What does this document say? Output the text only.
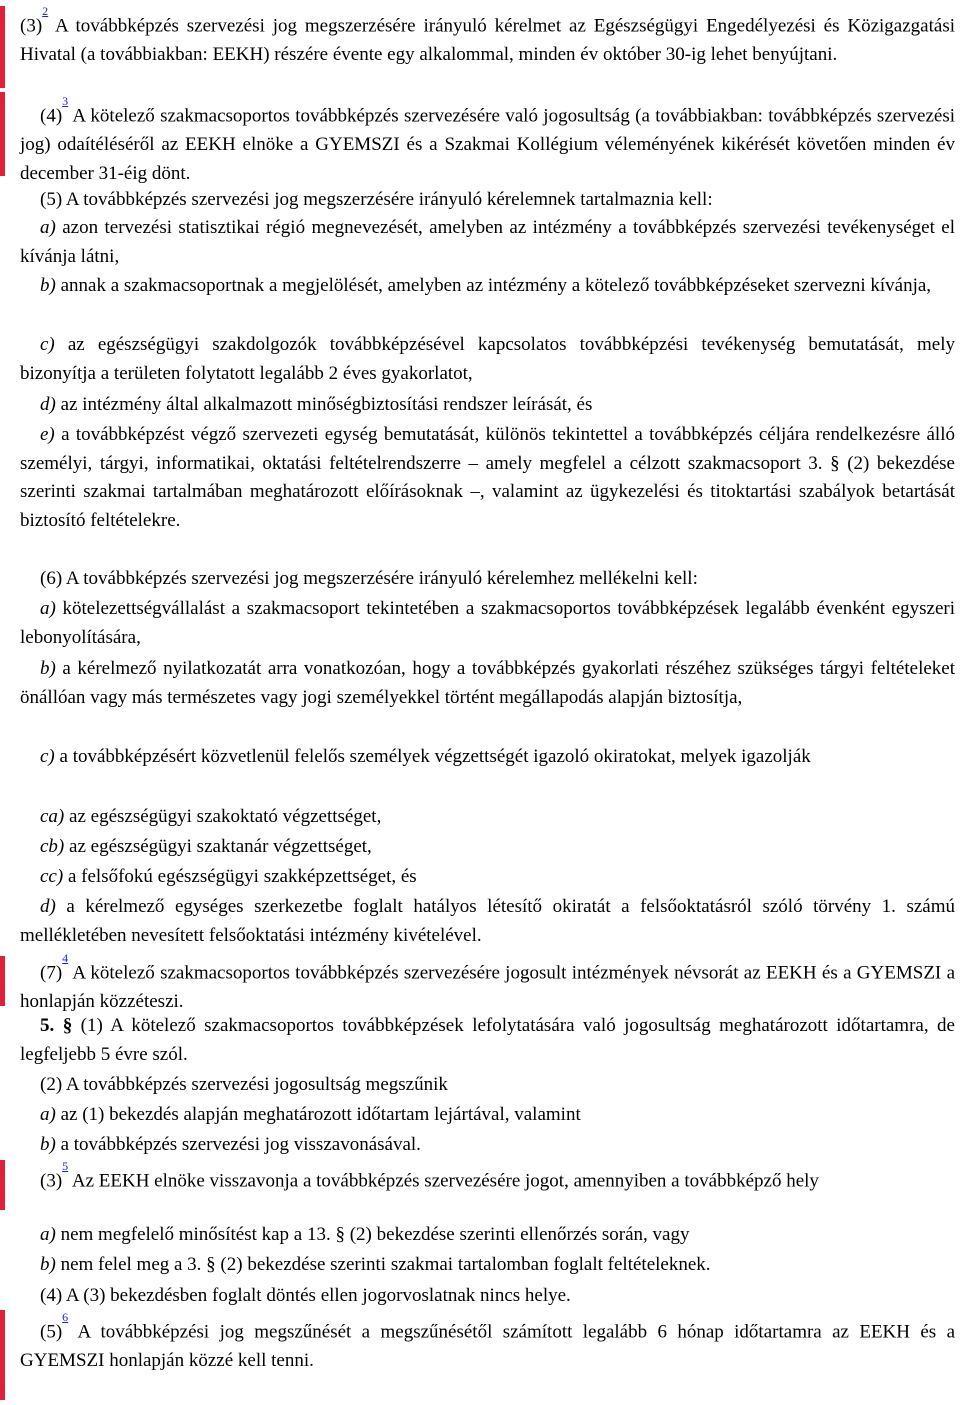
$(3)^{^2}$ A továbbképzés szervezési jog megszerzésére irányuló kérelmet az Egészségügyi Engedélyezési és Közigazgatási Hivatal (a továbbiakban: EEKH) részére évente egy alkalommal, minden év október 30-ig lehet benyújtani.

$(4)^{^3}$ A kötelező szakmacsoportos továbbképzés szervezésére való jogosultság (a továbbiakban: továbbképzés szervezési jog) odaítéléséről az EEKH elnöke a GYEMSZI és a Szakmai Kollégium véleményének kikérését követően minden év december 31-éig dönt.

(5) A továbbképzés szervezési jog megszerzésére irányuló kérelemnek tartalmaznia kell:

a) azon tervezési statisztikai régió megnevezését, amelyben az intézmény a továbbképzés szervezési tevékenységet el kívánja látni,

b) annak a szakmacsoportnak a megjelölését, amelyben az intézmény a kötelező továbbképzéseket szervezni kívánja,

c) az egészségügyi szakdolgozók továbbképzésével kapcsolatos továbbképzési tevékenység bemutatását, mely bizonyítja a területen folytatott legalább 2 éves gyakorlatot,

d) az intézmény által alkalmazott minőségbiztosítási rendszer leírását, és

e) a továbbképzést végző szervezeti egység bemutatását, különös tekintettel a továbbképzés céljára rendelkezésre álló személyi, tárgyi, informatikai, oktatási feltételrendszerre – amely megfelel a célzott szakmacsoport 3. § (2) bekezdése szerinti szakmai tartalmában meghatározott előírásoknak –, valamint az ügykezelési és titoktartási szabályok betartását biztosító feltételekre.

(6) A továbbképzés szervezési jog megszerzésére irányuló kérelemhez mellékelni kell:

a) kötelezettségvállalást a szakmacsoport tekintetében a szakmacsoportos továbbképzések legalább évenként egyszeri lebonyolítására,

b) a kérelmező nyilatkozatát arra vonatkozóan, hogy a továbbképzés gyakorlati részéhez szükséges tárgyi feltételeket önállóan vagy más természetes vagy jogi személyekkel történt megállapodás alapján biztosítja,

c) a továbbképzésért közvetlenül felelős személyek végzettségét igazoló okiratokat, melyek igazolják

ca) az egészségügyi szakoktató végzettséget,

cb) az egészségügyi szaktanár végzettséget,

cc) a felsőfokú egészségügyi szakképzettséget, és

d) a kérelmező egységes szerkezetbe foglalt hatályos létesítő okiratát a felsőoktatásról szóló törvény 1. számú mellékletében nevesített felsőoktatási intézmény kivételével.

$(7)^{^4}$ A kötelező szakmacsoportos továbbképzés szervezésére jogosult intézmények névsorát az EEKH és a GYEMSZI a honlapján közzéteszi.

5. § (1) A kötelező szakmacsoportos továbbképzések lefolytatására való jogosultság meghatározott időtartamra, de legfeljebb 5 évre szól.

(2) A továbbképzés szervezési jogosultság megszűnik

a) az (1) bekezdés alapján meghatározott időtartam lejártával, valamint

b) a továbbképzés szervezési jog visszavonásával.

$(3)^{^5}$ Az EEKH elnöke visszavonja a továbbképzés szervezésére jogot, amennyiben a továbbképző hely

a) nem megfelelő minősítést kap a 13. § (2) bekezdése szerinti ellenőrzés során, vagy

b) nem felel meg a 3. § (2) bekezdése szerinti szakmai tartalomban foglalt feltételeknek.

(4) A (3) bekezdésben foglalt döntés ellen jogorvoslatnak nincs helye.

$(5)^{^6}$ A továbbképzési jog megszűnését a megszűnésétől számított legalább 6 hónap időtartamra az EEKH és a GYEMSZI honlapján közzé kell tenni.
